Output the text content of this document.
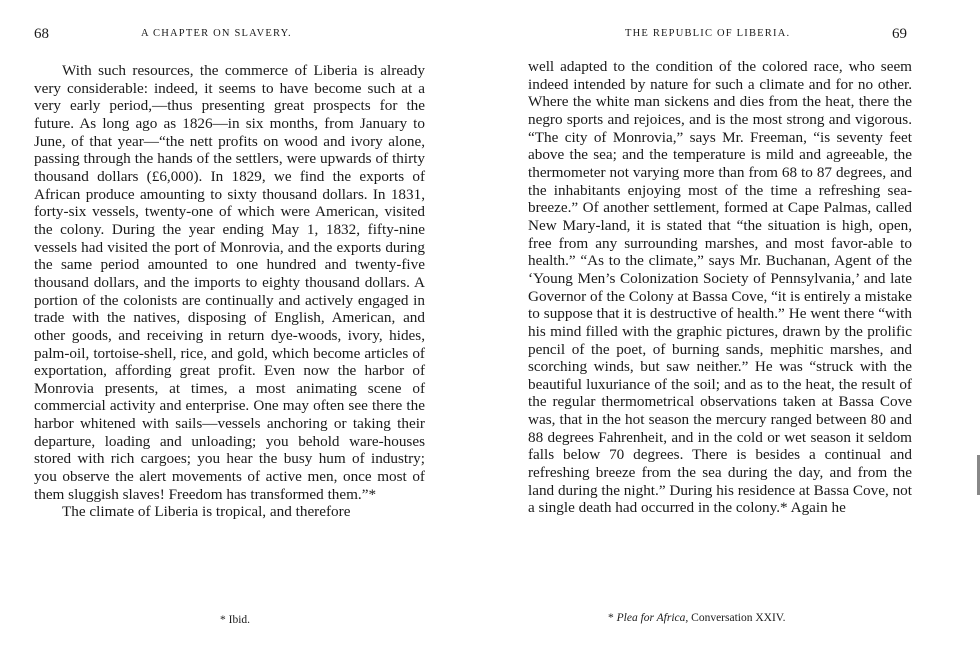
68	A CHAPTER ON SLAVERY.

With such resources, the commerce of Liberia is already very considerable: indeed, it seems to have become such at a very early period,—thus presenting great prospects for the future. As long ago as 1826—in six months, from January to June, of that year—“the nett profits on wood and ivory alone, passing through the hands of the settlers, were upwards of thirty thousand dollars (£6,000). In 1829, we find the exports of African produce amounting to sixty thousand dollars. In 1831, forty-six vessels, twenty-one of which were American, visited the colony. During the year ending May 1, 1832, fifty-nine vessels had visited the port of Monrovia, and the exports during the same period amounted to one hundred and twenty-five thousand dollars, and the imports to eighty thousand dollars. A portion of the colonists are continually and actively engaged in trade with the natives, disposing of English, American, and other goods, and receiving in return dye-woods, ivory, hides, palm-oil, tortoise-shell, rice, and gold, which become articles of exportation, affording great profit. Even now the harbor of Monrovia presents, at times, a most animating scene of commercial activity and enterprise. One may often see there the harbor whitened with sails—vessels anchoring or taking their departure, loading and unloading; you behold ware-houses stored with rich cargoes; you hear the busy hum of industry; you observe the alert movements of active men, once most of them sluggish slaves! Freedom has transformed them.”*

The climate of Liberia is tropical, and therefore

* Ibid.
THE REPUBLIC OF LIBERIA.	69

well adapted to the condition of the colored race, who seem indeed intended by nature for such a climate and for no other. Where the white man sickens and dies from the heat, there the negro sports and rejoices, and is the most strong and vigorous. “The city of Monrovia,” says Mr. Freeman, “is seventy feet above the sea; and the temperature is mild and agreeable, the thermometer not varying more than from 68 to 87 degrees, and the inhabitants enjoying most of the time a refreshing sea-breeze.” Of another settlement, formed at Cape Palmas, called New Mary-land, it is stated that “the situation is high, open, free from any surrounding marshes, and most favor-able to health.” “As to the climate,” says Mr. Buchanan, Agent of the ‘Young Men’s Colonization Society of Pennsylvania,’ and late Governor of the Colony at Bassa Cove, “it is entirely a mistake to suppose that it is destructive of health.” He went there “with his mind filled with the graphic pictures, drawn by the prolific pencil of the poet, of burning sands, mephitic marshes, and scorching winds, but saw neither.” He was “struck with the beautiful luxuriance of the soil; and as to the heat, the result of the regular thermometrical observations taken at Bassa Cove was, that in the hot season the mercury ranged between 80 and 88 degrees Fahrenheit, and in the cold or wet season it seldom falls below 70 degrees. There is besides a continual and refreshing breeze from the sea during the day, and from the land during the night.” During his residence at Bassa Cove, not a single death had occurred in the colony.* Again he

* Plea for Africa, Conversation XXIV.
